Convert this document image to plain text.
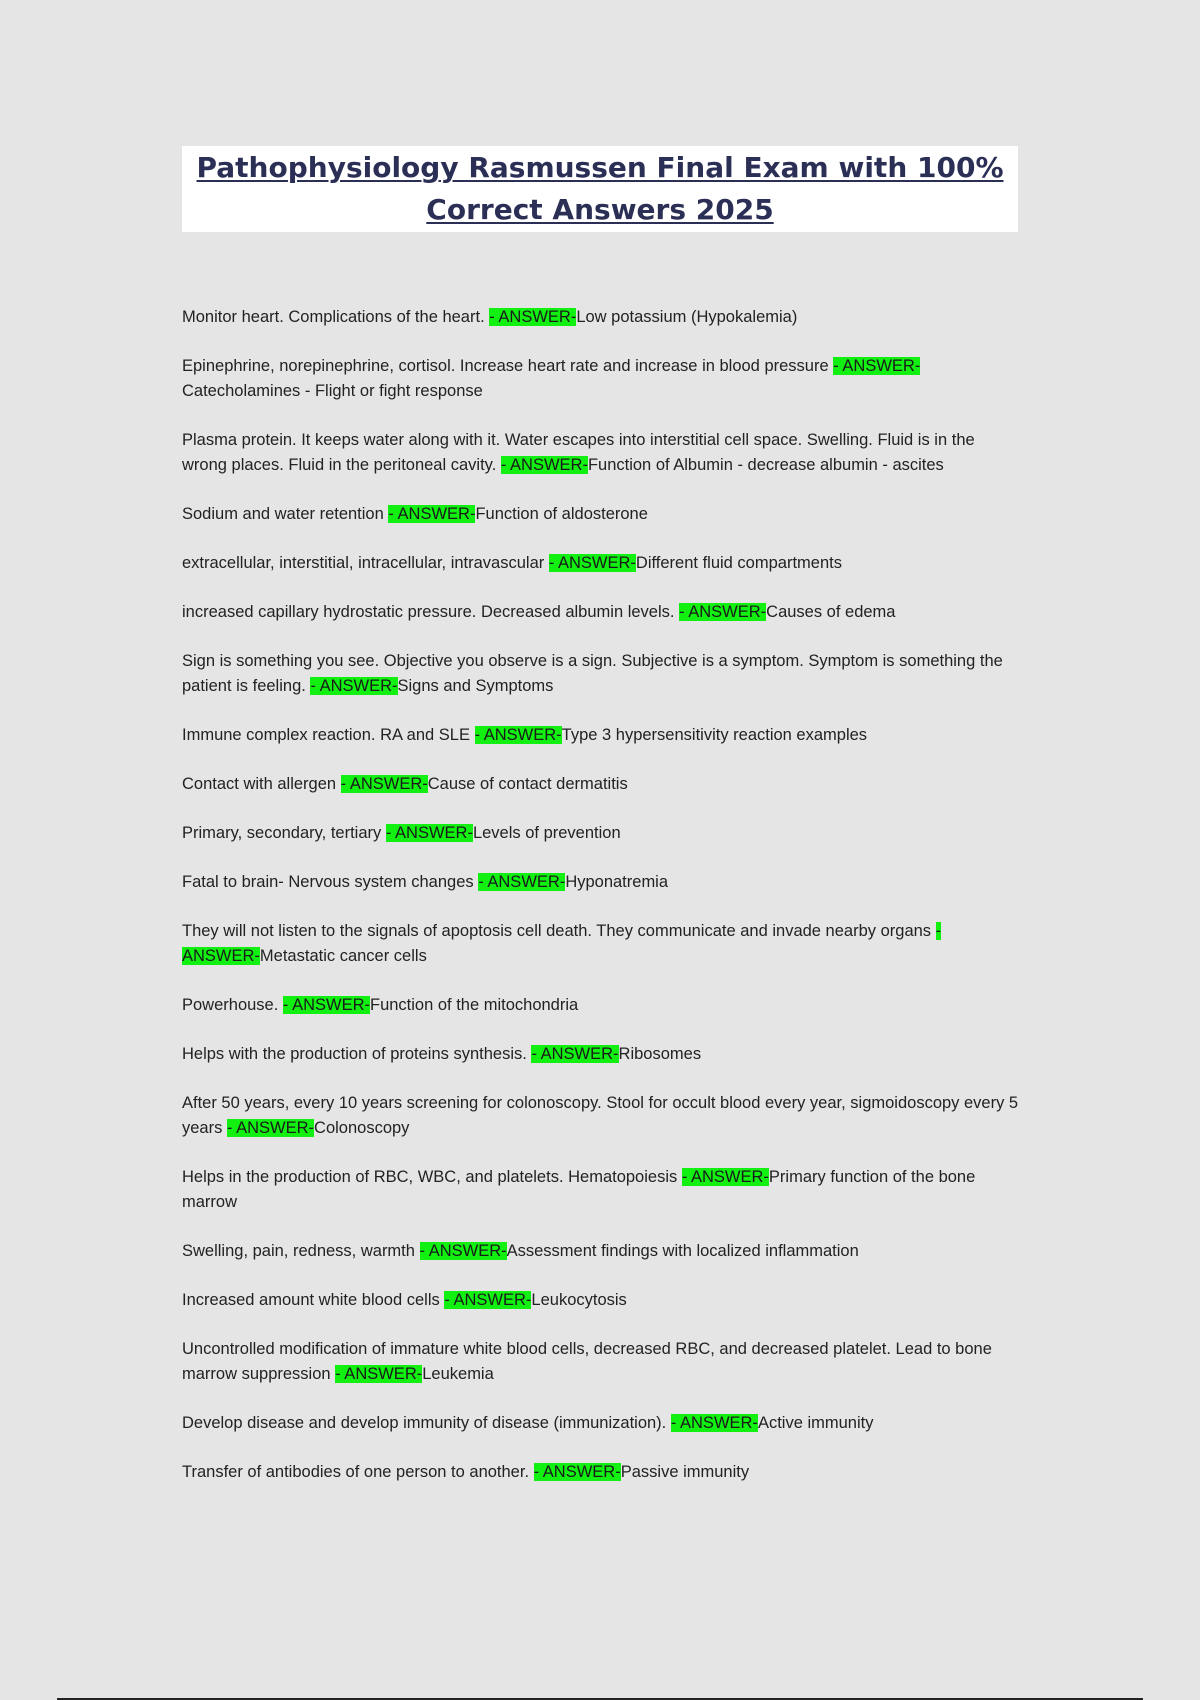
Pathophysiology Rasmussen Final Exam with 100%
Correct Answers 2025

Monitor heart. Complications of the heart. - ANSWER-Low potassium (Hypokalemia)

Epinephrine, norepinephrine, cortisol. Increase heart rate and increase in blood pressure - ANSWER-Catecholamines - Flight or fight response

Plasma protein. It keeps water along with it. Water escapes into interstitial cell space. Swelling. Fluid is in the wrong places. Fluid in the peritoneal cavity. - ANSWER-Function of Albumin - decrease albumin - ascites

Sodium and water retention - ANSWER-Function of aldosterone

extracellular, interstitial, intracellular, intravascular - ANSWER-Different fluid compartments

increased capillary hydrostatic pressure. Decreased albumin levels. - ANSWER-Causes of edema

Sign is something you see. Objective you observe is a sign. Subjective is a symptom. Symptom is something the patient is feeling. - ANSWER-Signs and Symptoms

Immune complex reaction. RA and SLE - ANSWER-Type 3 hypersensitivity reaction examples

Contact with allergen - ANSWER-Cause of contact dermatitis

Primary, secondary, tertiary - ANSWER-Levels of prevention

Fatal to brain- Nervous system changes - ANSWER-Hyponatremia

They will not listen to the signals of apoptosis cell death. They communicate and invade nearby organs - ANSWER-Metastatic cancer cells

Powerhouse. - ANSWER-Function of the mitochondria

Helps with the production of proteins synthesis. - ANSWER-Ribosomes

After 50 years, every 10 years screening for colonoscopy. Stool for occult blood every year, sigmoidoscopy every 5 years - ANSWER-Colonoscopy

Helps in the production of RBC, WBC, and platelets. Hematopoiesis - ANSWER-Primary function of the bone marrow

Swelling, pain, redness, warmth - ANSWER-Assessment findings with localized inflammation

Increased amount white blood cells - ANSWER-Leukocytosis

Uncontrolled modification of immature white blood cells, decreased RBC, and decreased platelet. Lead to bone marrow suppression - ANSWER-Leukemia

Develop disease and develop immunity of disease (immunization). - ANSWER-Active immunity

Transfer of antibodies of one person to another. - ANSWER-Passive immunity
